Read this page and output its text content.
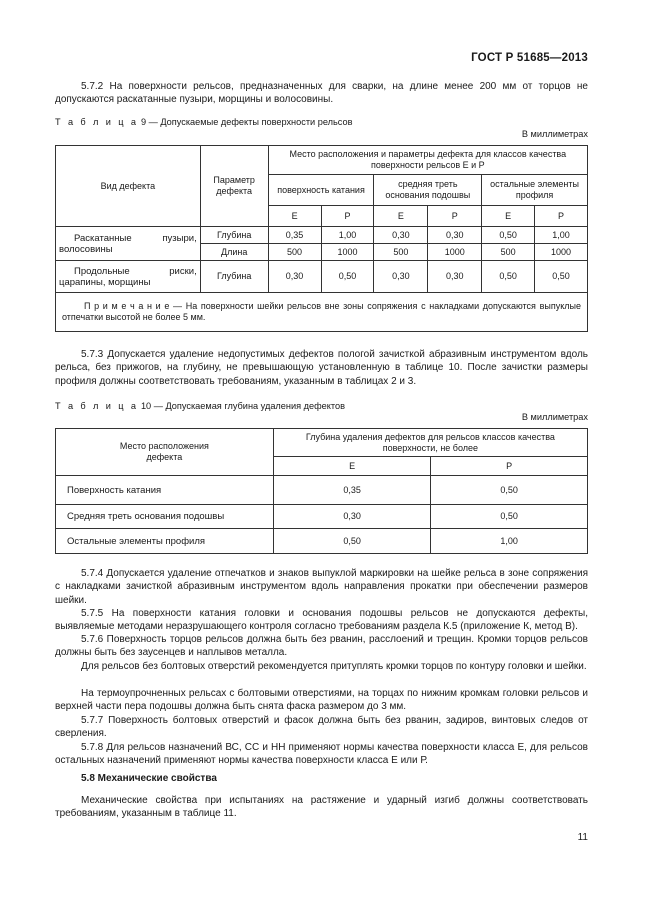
ГОСТ Р 51685—2013

5.7.2 На поверхности рельсов, предназначенных для сварки, на длине менее 200 мм от торцов не допускаются раскатанные пузыри, морщины и волосовины.

Т а б л и ц а 9 — Допускаемые дефекты поверхности рельсов
В миллиметрах
Вид дефекта	Параметр дефекта	Место расположения и параметры дефекта для классов качества поверхности рельсов Е и Р					
		поверхность катания		средняя треть основания подошвы		остальные элементы профиля	
		Е	Р	Е	Р	Е	Р
Раскатанные пузыри, волосовины	Глубина	0,35	1,00	0,30	0,30	0,50	1,00
	Длина	500	1000	500	1000	500	1000
Продольные риски, царапины, морщины	Глубина	0,30	0,50	0,30	0,30	0,50	0,50
П р и м е ч а н и е — На поверхности шейки рельсов вне зоны сопряжения с накладками допускаются выпуклые отпечатки высотой не более 5 мм.							

5.7.3 Допускается удаление недопустимых дефектов пологой зачисткой абразивным инструментом вдоль рельса, без прижогов, на глубину, не превышающую установленную в таблице 10. После зачистки размеры профиля должны соответствовать требованиям, указанным в таблицах 2 и 3.

Т а б л и ц а 10 — Допускаемая глубина удаления дефектов
В миллиметрах
Место расположения дефекта	Глубина удаления дефектов для рельсов классов качества поверхности, не более	
	Е	Р
Поверхность катания	0,35	0,50
Средняя треть основания подошвы	0,30	0,50
Остальные элементы профиля	0,50	1,00

5.7.4 Допускается удаление отпечатков и знаков выпуклой маркировки на шейке рельса в зоне сопряжения с накладками зачисткой абразивным инструментом вдоль направления прокатки при обеспечении размеров шейки.

5.7.5 На поверхности катания головки и основания подошвы рельсов не допускаются дефекты, выявляемые методами неразрушающего контроля согласно требованиям раздела К.5 (приложение К, метод В).

5.7.6 Поверхность торцов рельсов должна быть без рванин, расслоений и трещин. Кромки торцов рельсов должны быть без заусенцев и наплывов металла.

Для рельсов без болтовых отверстий рекомендуется притуплять кромки торцов по контуру головки и шейки.

На термоупрочненных рельсах с болтовыми отверстиями, на торцах по нижним кромкам головки рельсов и верхней части пера подошвы должна быть снята фаска размером до 3 мм.

5.7.7 Поверхность болтовых отверстий и фасок должна быть без рванин, задиров, винтовых следов от сверления.

5.7.8 Для рельсов назначений ВС, СС и НН применяют нормы качества поверхности класса Е, для рельсов остальных назначений применяют нормы качества поверхности класса Е или Р.

5.8 Механические свойства

Механические свойства при испытаниях на растяжение и ударный изгиб должны соответствовать требованиям, указанным в таблице 11.

11
